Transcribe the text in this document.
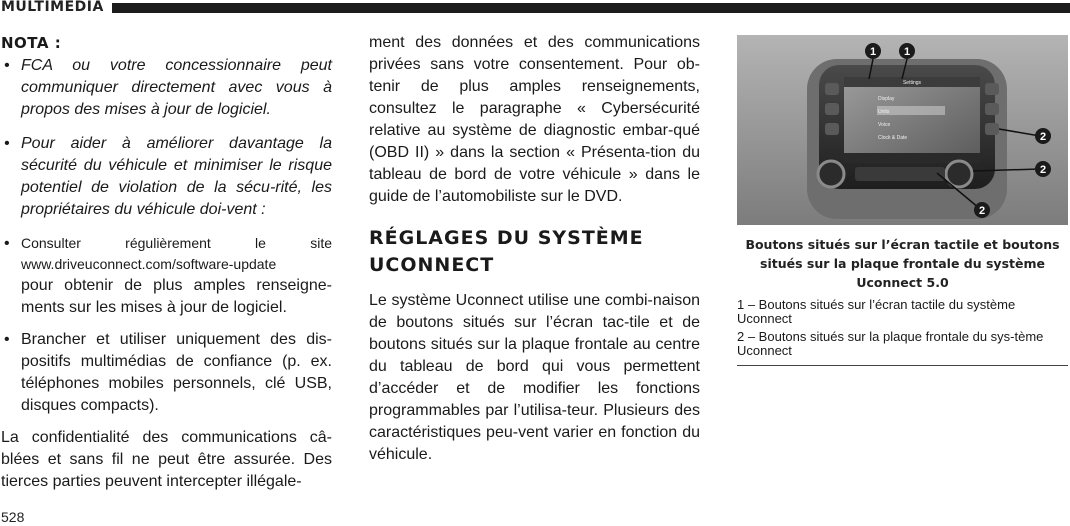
MULTIMÉDIA
NOTA :
• FCA ou votre concessionnaire peut communiquer directement avec vous à propos des mises à jour de logiciel.
• Pour aider à améliorer davantage la sécurité du véhicule et minimiser le risque potentiel de violation de la sécu-rité, les propriétaires du véhicule doi-vent :
• Consulter régulièrement le site
www.driveuconnect.com/software-update
pour obtenir de plus amples renseigne-ments sur les mises à jour de logiciel.
• Brancher et utiliser uniquement des dis-positifs multimédias de confiance (p. ex. téléphones mobiles personnels, clé USB, disques compacts).

La confidentialité des communications câ-blées et sans fil ne peut être assurée. Des tierces parties peuvent intercepter illégale-

ment des données et des communications privées sans votre consentement. Pour ob-tenir de plus amples renseignements, consultez le paragraphe « Cybersécurité relative au système de diagnostic embar-qué (OBD II) » dans la section « Présenta-tion du tableau de bord de votre véhicule » dans le guide de l’automobiliste sur le DVD.

RÉGLAGES DU SYSTÈME UCONNECT

Le système Uconnect utilise une combi-naison de boutons situés sur l’écran tac-tile et de boutons situés sur la plaque frontale au centre du tableau de bord qui vous permettent d’accéder et de modifier les fonctions programmables par l’utilisa-teur. Plusieurs des caractéristiques peu-vent varier en fonction du véhicule.

1	1
2
2
2
Settings
Display
Units
Voice
Clock & Date
Boutons situés sur l’écran tactile et boutons situés sur la plaque frontale du système Uconnect 5.0

1 – Boutons situés sur l’écran tactile du système Uconnect

2 – Boutons situés sur la plaque frontale du sys-tème Uconnect

528
